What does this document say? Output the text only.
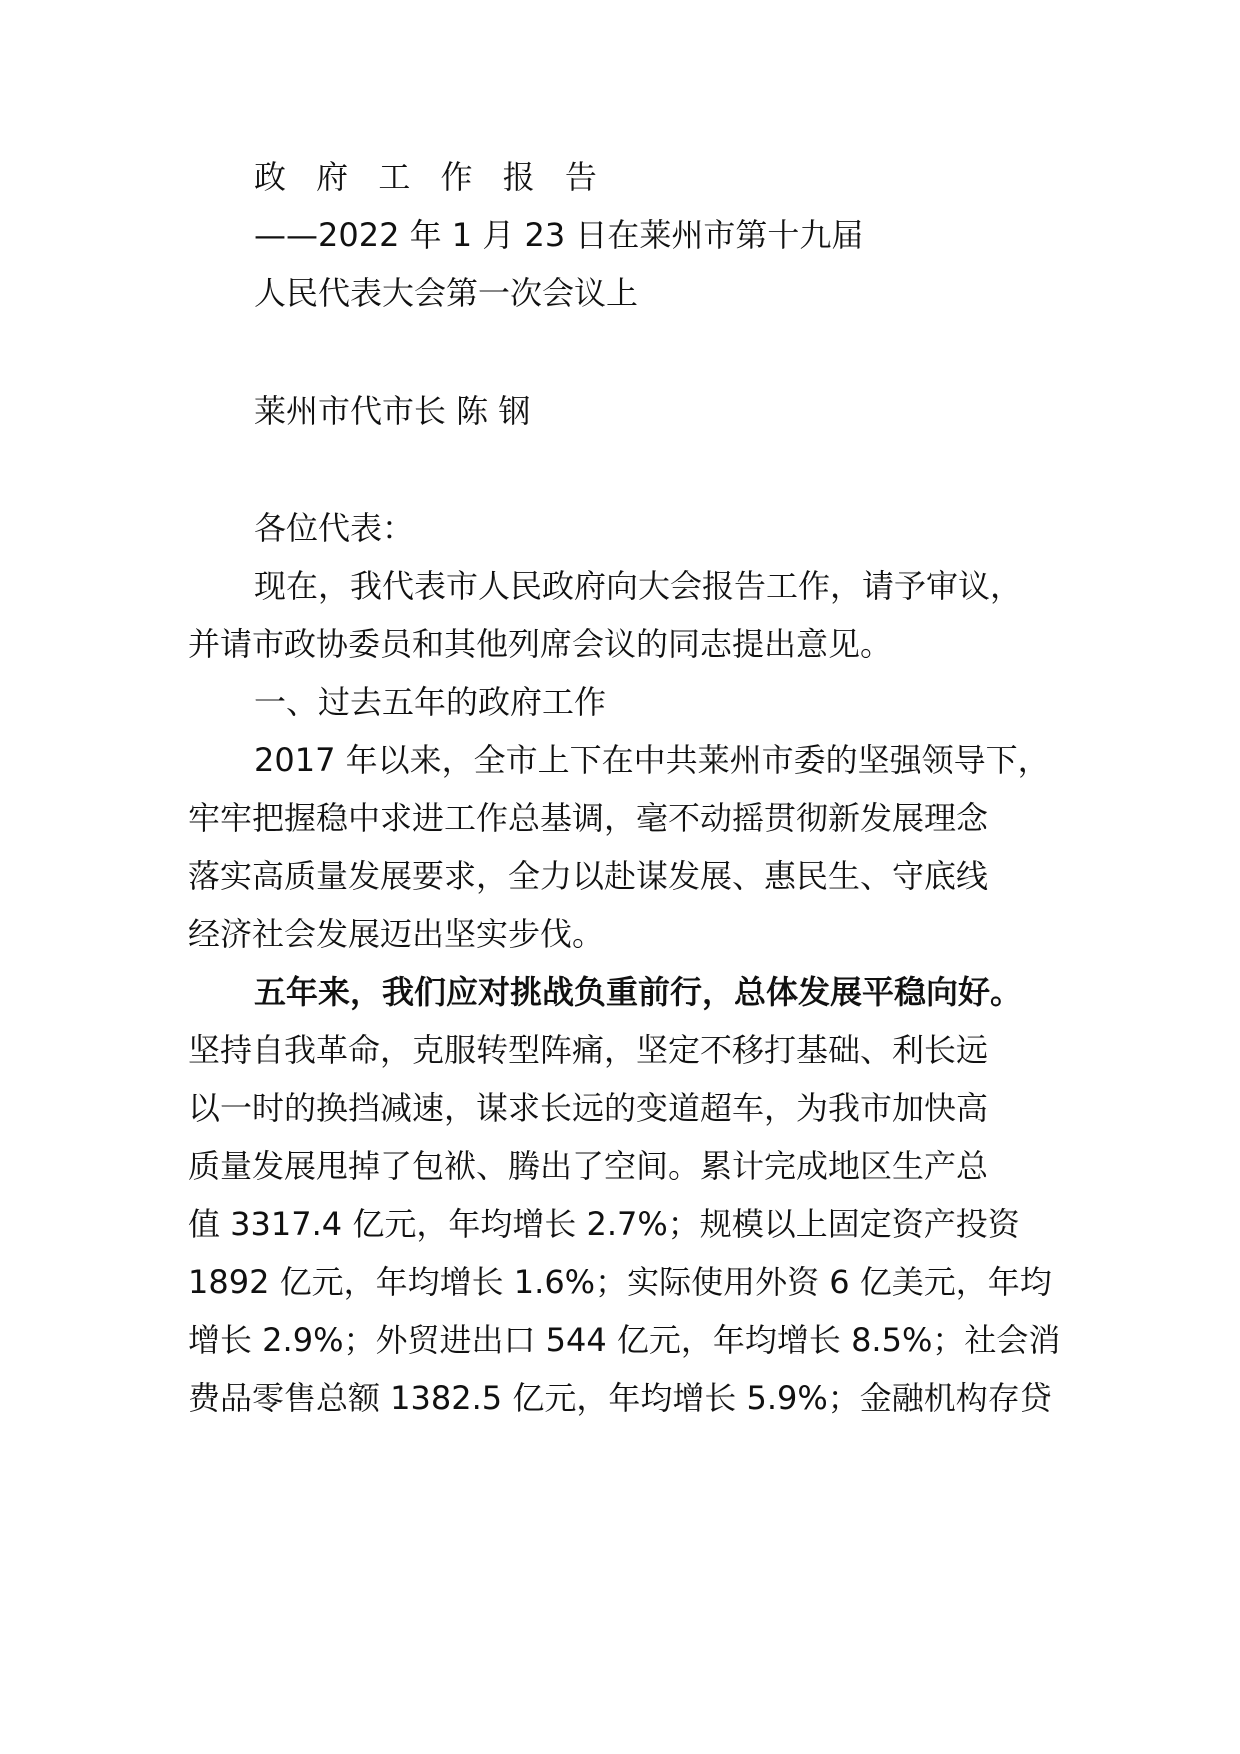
政 府 工 作 报 告

——2022 年 1 月 23 日在莱州市第十九届

人民代表大会第一次会议上

莱州市代市长 陈 钢

各位代表：

现在，我代表市人民政府向大会报告工作，请予审议，

并请市政协委员和其他列席会议的同志提出意见。

一、过去五年的政府工作

2017 年以来，全市上下在中共莱州市委的坚强领导下，

牢牢把握稳中求进工作总基调，毫不动摇贯彻新发展理念

落实高质量发展要求，全力以赴谋发展、惠民生、守底线

经济社会发展迈出坚实步伐。

五年来，我们应对挑战负重前行，总体发展平稳向好。

坚持自我革命，克服转型阵痛，坚定不移打基础、利长远

以一时的换挡减速，谋求长远的变道超车，为我市加快高

质量发展甩掉了包袱、腾出了空间。累计完成地区生产总

值 3317.4 亿元，年均增长 2.7%；规模以上固定资产投资

1892 亿元，年均增长 1.6%；实际使用外资 6 亿美元，年均

增长 2.9%；外贸进出口 544 亿元，年均增长 8.5%；社会消

费品零售总额 1382.5 亿元，年均增长 5.9%；金融机构存贷
